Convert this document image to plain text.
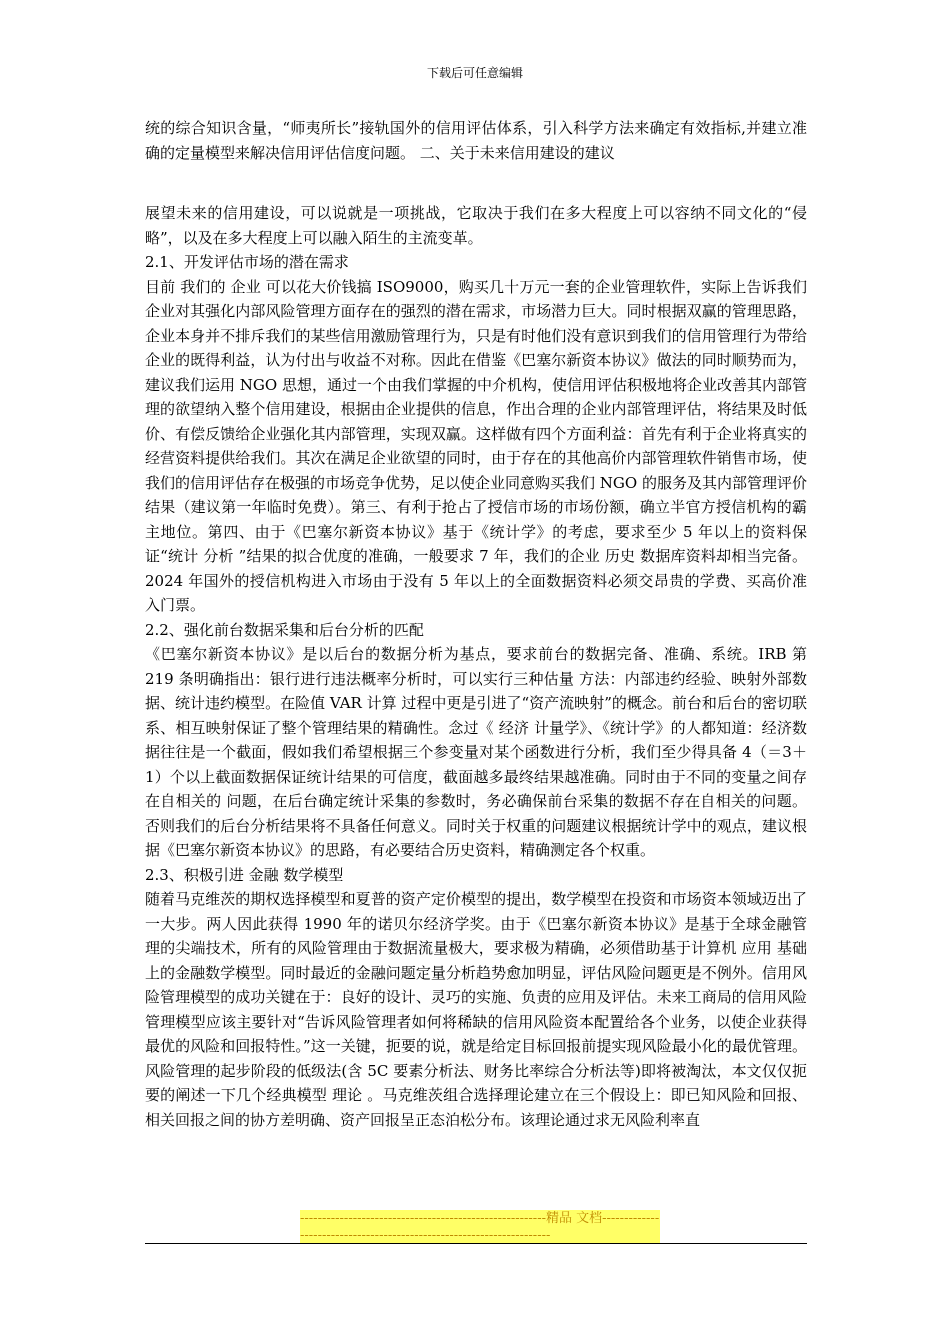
下载后可任意编辑

统的综合知识含量，“师夷所长”接轨国外的信用评估体系，引入科学方法来确定有效指标,并建立准确的定量模型来解决信用评估信度问题。 二、关于未来信用建设的建议

展望未来的信用建设，可以说就是一项挑战，它取决于我们在多大程度上可以容纳不同文化的“侵略”，以及在多大程度上可以融入陌生的主流变革。

2.1、开发评估市场的潜在需求

目前 我们的 企业 可以花大价钱搞 ISO9000，购买几十万元一套的企业管理软件，实际上告诉我们企业对其强化内部风险管理方面存在的强烈的潜在需求，市场潜力巨大。同时根据双赢的管理思路，企业本身并不排斥我们的某些信用激励管理行为，只是有时他们没有意识到我们的信用管理行为带给企业的既得利益，认为付出与收益不对称。因此在借鉴《巴塞尔新资本协议》做法的同时顺势而为，建议我们运用 NGO 思想，通过一个由我们掌握的中介机构，使信用评估积极地将企业改善其内部管理的欲望纳入整个信用建设，根据由企业提供的信息，作出合理的企业内部管理评估，将结果及时低价、有偿反馈给企业强化其内部管理，实现双赢。这样做有四个方面利益：首先有利于企业将真实的经营资料提供给我们。其次在满足企业欲望的同时，由于存在的其他高价内部管理软件销售市场，使我们的信用评估存在极强的市场竞争优势，足以使企业同意购买我们 NGO 的服务及其内部管理评价结果（建议第一年临时免费）。第三、有利于抢占了授信市场的市场份额，确立半官方授信机构的霸主地位。第四、由于《巴塞尔新资本协议》基于《统计学》的考虑，要求至少 5 年以上的资料保证“统计 分析 ”结果的拟合优度的准确，一般要求 7 年，我们的企业 历史 数据库资料却相当完备。2024 年国外的授信机构进入市场由于没有 5 年以上的全面数据资料必须交昂贵的学费、买高价准入门票。

2.2、强化前台数据采集和后台分析的匹配

《巴塞尔新资本协议》是以后台的数据分析为基点，要求前台的数据完备、准确、系统。IRB 第 219 条明确指出：银行进行违法概率分析时，可以实行三种估量 方法：内部违约经验、映射外部数据、统计违约模型。在险值 VAR 计算 过程中更是引进了“资产流映射”的概念。前台和后台的密切联系、相互映射保证了整个管理结果的精确性。念过《 经济 计量学》、《统计学》的人都知道：经济数据往往是一个截面，假如我们希望根据三个参变量对某个函数进行分析，我们至少得具备 4（＝3＋1）个以上截面数据保证统计结果的可信度，截面越多最终结果越准确。同时由于不同的变量之间存在自相关的 问题，在后台确定统计采集的参数时，务必确保前台采集的数据不存在自相关的问题。否则我们的后台分析结果将不具备任何意义。同时关于权重的问题建议根据统计学中的观点，建议根据《巴塞尔新资本协议》的思路，有必要结合历史资料，精确测定各个权重。

2.3、积极引进 金融 数学模型

随着马克维茨的期权选择模型和夏普的资产定价模型的提出，数学模型在投资和市场资本领域迈出了一大步。两人因此获得 1990 年的诺贝尔经济学奖。由于《巴塞尔新资本协议》是基于全球金融管理的尖端技术，所有的风险管理由于数据流量极大，要求极为精确，必须借助基于计算机 应用 基础上的金融数学模型。同时最近的金融问题定量分析趋势愈加明显，评估风险问题更是不例外。信用风险管理模型的成功关键在于：良好的设计、灵巧的实施、负责的应用及评估。未来工商局的信用风险管理模型应该主要针对“告诉风险管理者如何将稀缺的信用风险资本配置给各个业务，以使企业获得最优的风险和回报特性。”这一关键，扼要的说，就是给定目标回报前提实现风险最小化的最优管理。风险管理的起步阶段的低级法(含 5C 要素分析法、财务比率综合分析法等)即将被淘汰，本文仅仅扼要的阐述一下几个经典模型 理论 。马克维茨组合选择理论建立在三个假设上：即已知风险和回报、相关回报之间的协方差明确、资产回报呈正态泊松分布。该理论通过求无风险利率直

--------------------------------------------------------精品 文档----------------------------------------------------------------------
